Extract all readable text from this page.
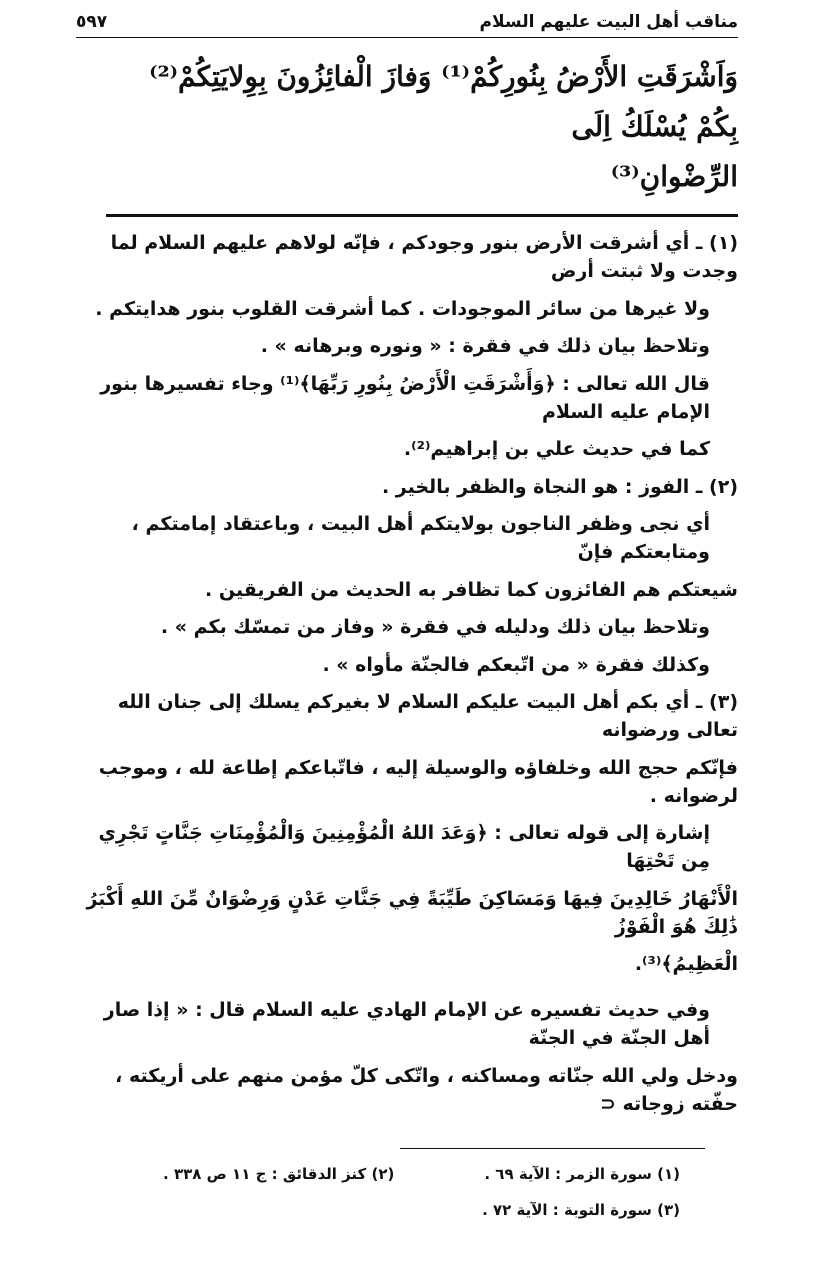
٥٩٧	مناقب أهل البيت عليهم السلام
وَاَشْرَقَتِ الأَرْضُ بِنُورِكُمْ⁽¹⁾ وَفازَ الْفائِزُونَ بِوِلايَتِكُمْ⁽²⁾ بِكُمْ يُسْلَكُ اِلَى
الرِّضْوانِ⁽³⁾
(١) ـ أي أشرقت الأرض بنور وجودكم ، فإنّه لولاهم عليهم السلام لما وجدت ولا ثبتت أرض
ولا غيرها من سائر الموجودات . كما أشرقت القلوب بنور هدايتكم .
وتلاحظ بيان ذلك في فقرة : « ونوره وبرهانه » .
قال الله تعالى : ﴿وَأَشْرَقَتِ الْأَرْضُ بِنُورِ رَبِّهَا﴾⁽¹⁾ وجاء تفسيرها بنور الإمام عليه السلام
كما في حديث علي بن إبراهيم⁽²⁾.
(٢) ـ الفوز : هو النجاة والظفر بالخير .
أي نجى وظفر الناجون بولايتكم أهل البيت ، وباعتقاد إمامتكم ، ومتابعتكم فإنّ
شيعتكم هم الفائزون كما تظافر به الحديث من الفريقين .
وتلاحظ بيان ذلك ودليله في فقرة « وفاز من تمسّك بكم » .
وكذلك فقرة « من اتّبعكم فالجنّة مأواه » .
(٣) ـ أي بكم أهل البيت عليكم السلام لا بغيركم يسلك إلى جنان الله تعالى ورضوانه
فإنّكم حجج الله وخلفاؤه والوسيلة إليه ، فاتّباعكم إطاعة لله ، وموجب لرضوانه .
إشارة إلى قوله تعالى : ﴿وَعَدَ اللهُ الْمُؤْمِنِينَ وَالْمُؤْمِنَاتِ جَنَّاتٍ تَجْرِي مِن تَحْتِهَا
الْأَنْهَارُ خَالِدِينَ فِيهَا وَمَسَاكِنَ طَيِّبَةً فِي جَنَّاتِ عَدْنٍ وَرِضْوَانٌ مِّنَ اللهِ أَكْبَرُ ذَٰلِكَ هُوَ الْفَوْزُ
الْعَظِيمُ﴾⁽³⁾.
وفي حديث تفسيره عن الإمام الهادي عليه السلام قال : « إذا صار أهل الجنّة في الجنّة
ودخل ولي الله جنّاته ومساكنه ، واتّكى كلّ مؤمن منهم على أريكته ، حفّته زوجاته ⊂
(١) سورة الزمر : الآية ٦٩ .
(٢) كنز الدقائق : ج ١١ ص ٣٣٨ .
(٣) سورة التوبة : الآية ٧٢ .
